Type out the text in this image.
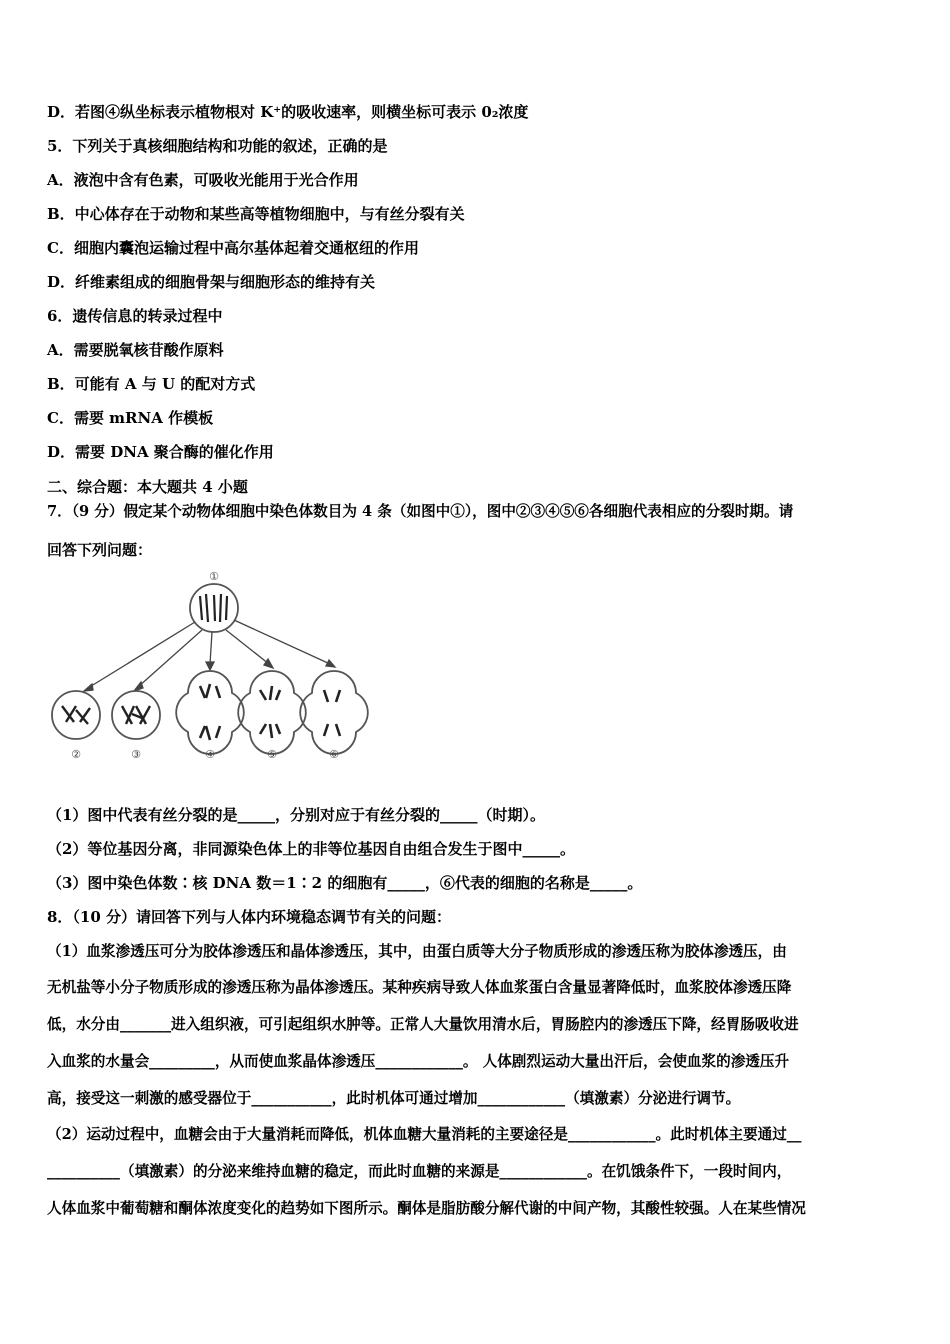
D．若图④纵坐标表示植物根对 K⁺的吸收速率，则横坐标可表示 0₂浓度
5．下列关于真核细胞结构和功能的叙述，正确的是
A．液泡中含有色素，可吸收光能用于光合作用
B．中心体存在于动物和某些高等植物细胞中，与有丝分裂有关
C．细胞内囊泡运输过程中高尔基体起着交通枢纽的作用
D．纤维素组成的细胞骨架与细胞形态的维持有关
6．遗传信息的转录过程中
A．需要脱氧核苷酸作原料
B．可能有 A 与 U 的配对方式
C．需要 mRNA 作模板
D．需要 DNA 聚合酶的催化作用
二、综合题：本大题共 4 小题
7．（9 分）假定某个动物体细胞中染色体数目为 4 条（如图中①），图中②③④⑤⑥各细胞代表相应的分裂时期。请
回答下列问题：
①
②	③	④	⑤	⑥
（1）图中代表有丝分裂的是_____，分别对应于有丝分裂的_____（时期）。
（2）等位基因分离，非同源染色体上的非等位基因自由组合发生于图中_____。
（3）图中染色体数∶核 DNA 数＝1∶2 的细胞有_____，⑥代表的细胞的名称是_____。
8．（10 分）请回答下列与人体内环境稳态调节有关的问题：
（1）血浆渗透压可分为胶体渗透压和晶体渗透压，其中，由蛋白质等大分子物质形成的渗透压称为胶体渗透压，由
无机盐等小分子物质形成的渗透压称为晶体渗透压。某种疾病导致人体血浆蛋白含量显著降低时，血浆胶体渗透压降
低，水分由_______进入组织液，可引起组织水肿等。正常人大量饮用清水后，胃肠腔内的渗透压下降，经胃肠吸收进
入血浆的水量会_________，从而使血浆晶体渗透压____________。 人体剧烈运动大量出汗后，会使血浆的渗透压升
高，接受这一刺激的感受器位于___________，此时机体可通过增加____________（填激素）分泌进行调节。
（2）运动过程中，血糖会由于大量消耗而降低，机体血糖大量消耗的主要途径是____________。此时机体主要通过__
__________（填激素）的分泌来维持血糖的稳定，而此时血糖的来源是____________。在饥饿条件下，一段时间内，
人体血浆中葡萄糖和酮体浓度变化的趋势如下图所示。酮体是脂肪酸分解代谢的中间产物，其酸性较强。人在某些情况
